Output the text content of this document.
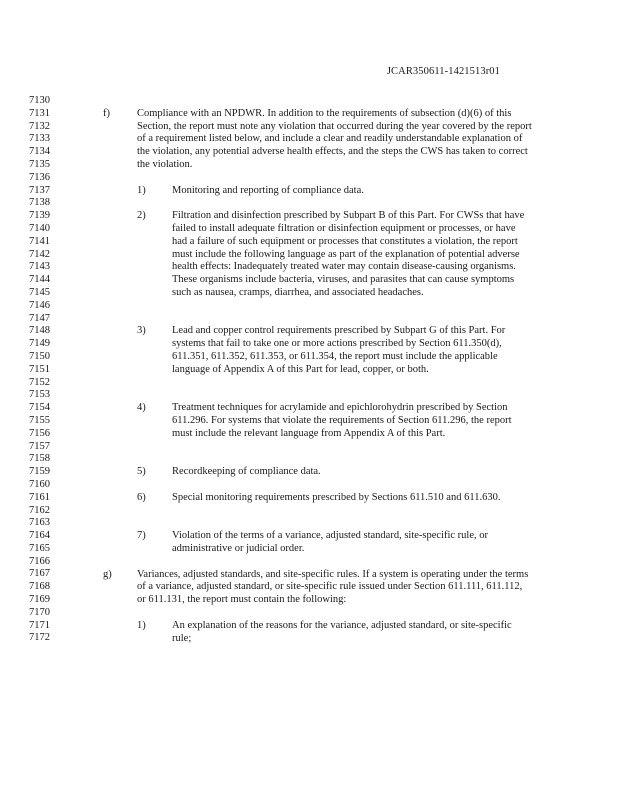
JCAR350611-1421513r01
7130
7131
7132
7133
7134
7135
7136
7137
7138
7139
7140
7141
7142
7143
7144
7145
7146
7147
7148
7149
7150
7151
7152
7153
7154
7155
7156
7157
7158
7159
7160
7161
7162
7163
7164
7165
7166
7167
7168
7169
7170
7171
7172
f)	Compliance with an NPDWR. In addition to the requirements of subsection (d)(6) of this Section, the report must note any violation that occurred during the year covered by the report of a requirement listed below, and include a clear and readily understandable explanation of the violation, any potential adverse health effects, and the steps the CWS has taken to correct the violation.
1)	Monitoring and reporting of compliance data.
2)	Filtration and disinfection prescribed by Subpart B of this Part. For CWSs that have failed to install adequate filtration or disinfection equipment or processes, or have had a failure of such equipment or processes that constitutes a violation, the report must include the following language as part of the explanation of potential adverse health effects: Inadequately treated water may contain disease-causing organisms. These organisms include bacteria, viruses, and parasites that can cause symptoms such as nausea, cramps, diarrhea, and associated headaches.
3)	Lead and copper control requirements prescribed by Subpart G of this Part. For systems that fail to take one or more actions prescribed by Section 611.350(d), 611.351, 611.352, 611.353, or 611.354, the report must include the applicable language of Appendix A of this Part for lead, copper, or both.
4)	Treatment techniques for acrylamide and epichlorohydrin prescribed by Section 611.296. For systems that violate the requirements of Section 611.296, the report must include the relevant language from Appendix A of this Part.
5)	Recordkeeping of compliance data.
6)	Special monitoring requirements prescribed by Sections 611.510 and 611.630.
7)	Violation of the terms of a variance, adjusted standard, site-specific rule, or administrative or judicial order.
g) Variances, adjusted standards, and site-specific rules. If a system is operating under the terms of a variance, adjusted standard, or site-specific rule issued under Section 611.111, 611.112, or 611.131, the report must contain the following:
1)	An explanation of the reasons for the variance, adjusted standard, or site-specific rule;
